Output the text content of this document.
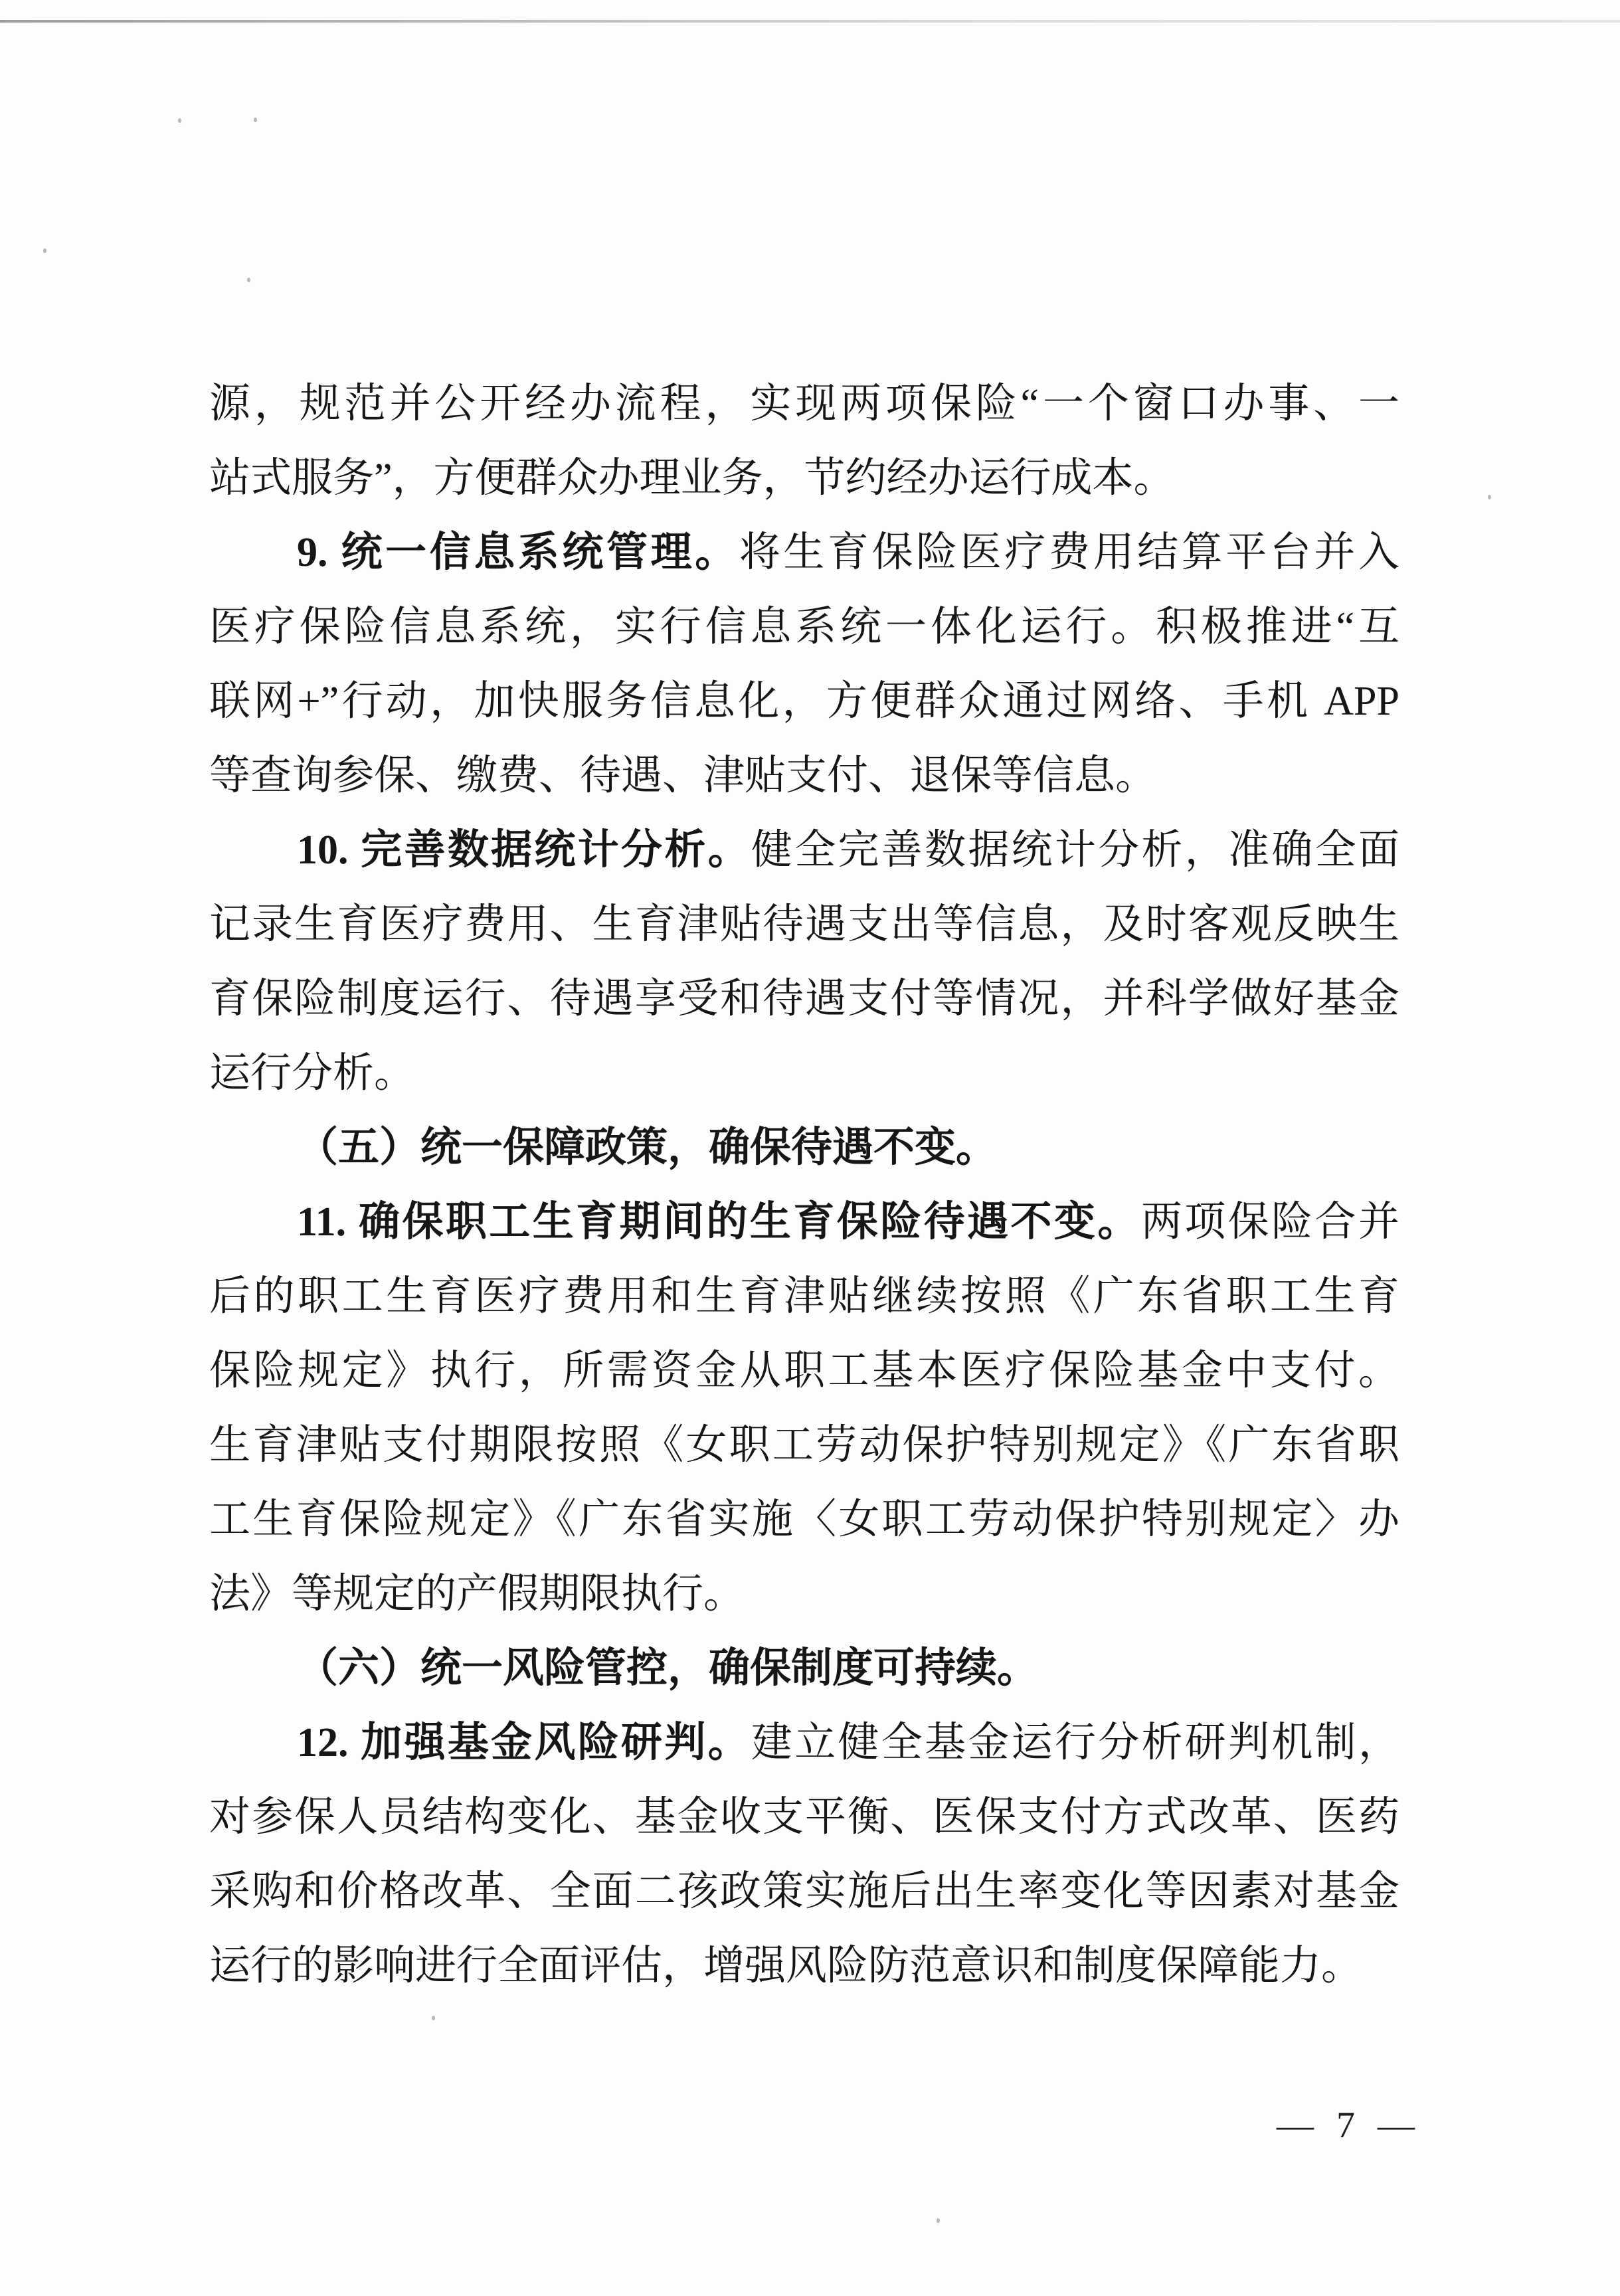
源，规范并公开经办流程，实现两项保险“一个窗口办事、一
站式服务”，方便群众办理业务，节约经办运行成本。
9. 统一信息系统管理。将生育保险医疗费用结算平台并入
医疗保险信息系统，实行信息系统一体化运行。积极推进“互
联网+”行动，加快服务信息化，方便群众通过网络、手机 APP
等查询参保、缴费、待遇、津贴支付、退保等信息。
10. 完善数据统计分析。健全完善数据统计分析，准确全面
记录生育医疗费用、生育津贴待遇支出等信息，及时客观反映生
育保险制度运行、待遇享受和待遇支付等情况，并科学做好基金
运行分析。
（五）统一保障政策，确保待遇不变。
11. 确保职工生育期间的生育保险待遇不变。两项保险合并
后的职工生育医疗费用和生育津贴继续按照《广东省职工生育
保险规定》执行，所需资金从职工基本医疗保险基金中支付。
生育津贴支付期限按照《女职工劳动保护特别规定》《广东省职
工生育保险规定》《广东省实施〈女职工劳动保护特别规定〉办
法》等规定的产假期限执行。
（六）统一风险管控，确保制度可持续。
12. 加强基金风险研判。建立健全基金运行分析研判机制，
对参保人员结构变化、基金收支平衡、医保支付方式改革、医药
采购和价格改革、全面二孩政策实施后出生率变化等因素对基金
运行的影响进行全面评估，增强风险防范意识和制度保障能力。
— 7 —
